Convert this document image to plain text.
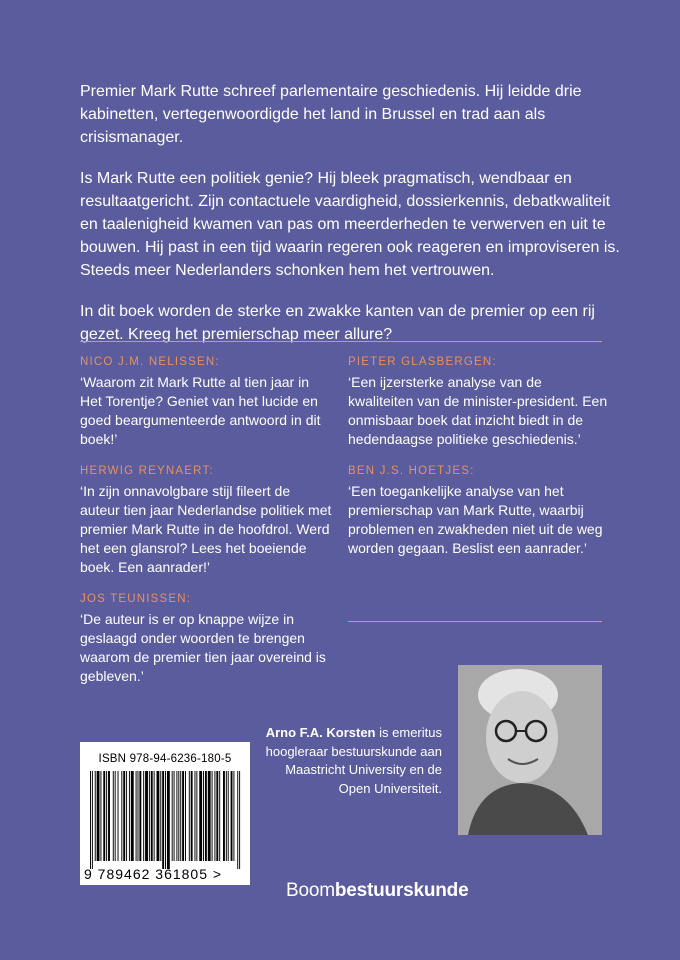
Premier Mark Rutte schreef parlementaire geschiedenis. Hij leidde drie kabinetten, vertegenwoordigde het land in Brussel en trad aan als crisismanager.

Is Mark Rutte een politiek genie? Hij bleek pragmatisch, wendbaar en resultaatgericht. Zijn contactuele vaardigheid, dossierkennis, debatkwaliteit en taalenigheid kwamen van pas om meerderheden te verwerven en uit te bouwen. Hij past in een tijd waarin regeren ook reageren en improviseren is. Steeds meer Nederlanders schonken hem het vertrouwen.

In dit boek worden de sterke en zwakke kanten van de premier op een rij gezet. Kreeg het premierschap meer allure?

NICO J.M. NELISSEN:
‘Waarom zit Mark Rutte al tien jaar in Het Torentje? Geniet van het lucide en goed beargumenteerde antwoord in dit boek!’
HERWIG REYNAERT:
‘In zijn onnavolgbare stijl fileert de auteur tien jaar Nederlandse politiek met premier Mark Rutte in de hoofdrol. Werd het een glansrol? Lees het boeiende boek. Een aanrader!’
JOS TEUNISSEN:
‘De auteur is er op knappe wijze in geslaagd onder woorden te brengen waarom de premier tien jaar overeind is gebleven.’
PIETER GLASBERGEN:
‘Een ijzersterke analyse van de kwaliteiten van de minister-president. Een onmisbaar boek dat inzicht biedt in de hedendaagse politieke geschiedenis.’
BEN J.S. HOETJES:
‘Een toegankelijke analyse van het premierschap van Mark Rutte, waarbij problemen en zwakheden niet uit de weg worden gegaan. Beslist een aanrader.’
Arno F.A. Korsten is emeritus hoogleraar bestuurskunde aan Maastricht University en de Open Universiteit.
ISBN 978-94-6236-180-5
9 789462 361805 >
Boombestuurskunde
